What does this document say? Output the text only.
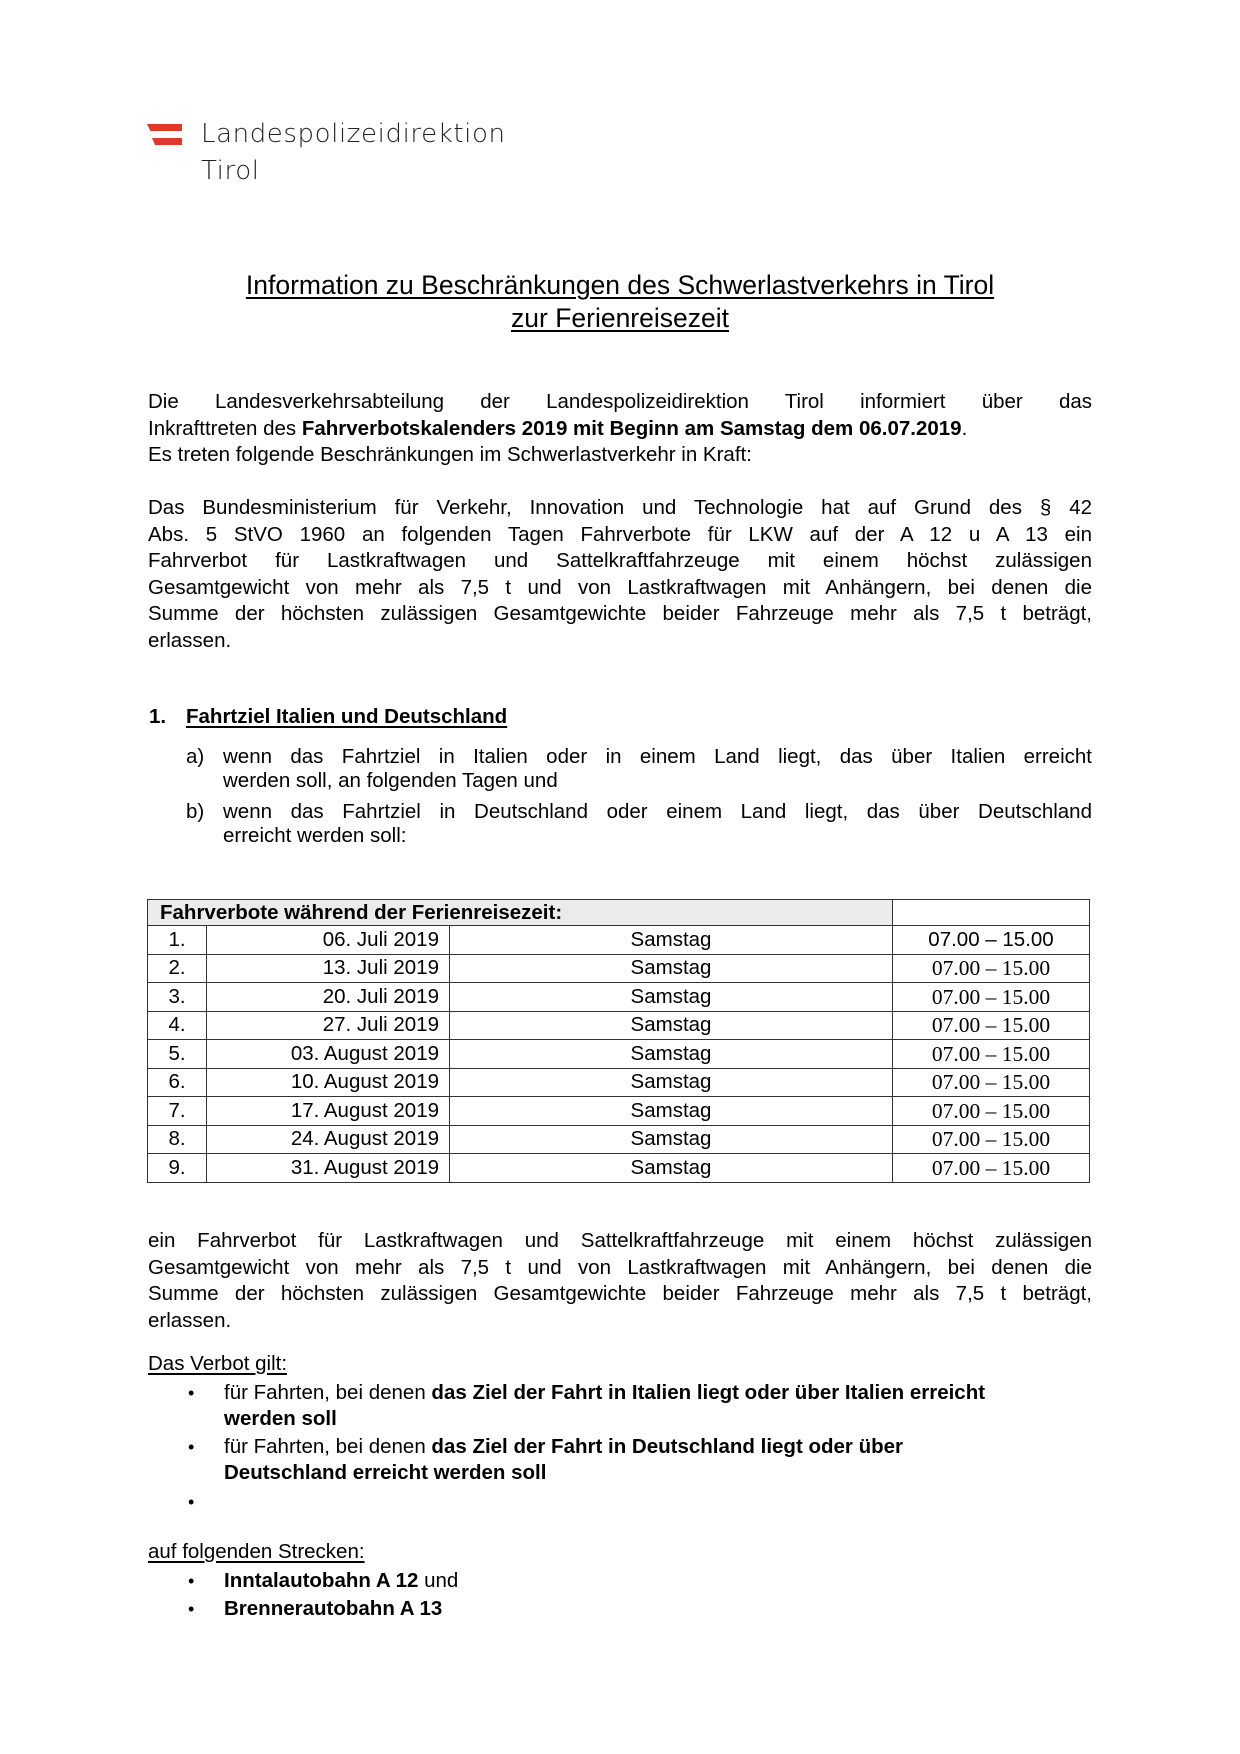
Landespolizeidirektion
Tirol
Information zu Beschränkungen des Schwerlastverkehrs in Tirol
zur Ferienreisezeit
Die Landesverkehrsabteilung der Landespolizeidirektion Tirol informiert über das
Inkrafttreten des Fahrverbotskalenders 2019 mit Beginn am Samstag dem 06.07.2019.
Es treten folgende Beschränkungen im Schwerlastverkehr in Kraft:
Das Bundesministerium für Verkehr, Innovation und Technologie hat auf Grund des § 42
Abs. 5 StVO 1960 an folgenden Tagen Fahrverbote für LKW auf der A 12 u A 13 ein
Fahrverbot für Lastkraftwagen und Sattelkraftfahrzeuge mit einem höchst zulässigen
Gesamtgewicht von mehr als 7,5 t und von Lastkraftwagen mit Anhängern, bei denen die
Summe der höchsten zulässigen Gesamtgewichte beider Fahrzeuge mehr als 7,5 t beträgt,
erlassen.
1. Fahrtziel Italien und Deutschland
a) wenn das Fahrtziel in Italien oder in einem Land liegt, das über Italien erreicht
werden soll, an folgenden Tagen und
b) wenn das Fahrtziel in Deutschland oder einem Land liegt, das über Deutschland
erreicht werden soll:
Fahrverbote während der Ferienreisezeit:			
1.	06. Juli 2019	Samstag	07.00 – 15.00
2.	13. Juli 2019	Samstag	07.00 – 15.00
3.	20. Juli 2019	Samstag	07.00 – 15.00
4.	27. Juli 2019	Samstag	07.00 – 15.00
5.	03. August 2019	Samstag	07.00 – 15.00
6.	10. August 2019	Samstag	07.00 – 15.00
7.	17. August 2019	Samstag	07.00 – 15.00
8.	24. August 2019	Samstag	07.00 – 15.00
9.	31. August 2019	Samstag	07.00 – 15.00
ein Fahrverbot für Lastkraftwagen und Sattelkraftfahrzeuge mit einem höchst zulässigen
Gesamtgewicht von mehr als 7,5 t und von Lastkraftwagen mit Anhängern, bei denen die
Summe der höchsten zulässigen Gesamtgewichte beider Fahrzeuge mehr als 7,5 t beträgt,
erlassen.
Das Verbot gilt:
•	für Fahrten, bei denen das Ziel der Fahrt in Italien liegt oder über Italien erreicht
werden soll
•	für Fahrten, bei denen das Ziel der Fahrt in Deutschland liegt oder über
Deutschland erreicht werden soll
•
auf folgenden Strecken:
•	Inntalautobahn A 12 und
•	Brennerautobahn A 13
